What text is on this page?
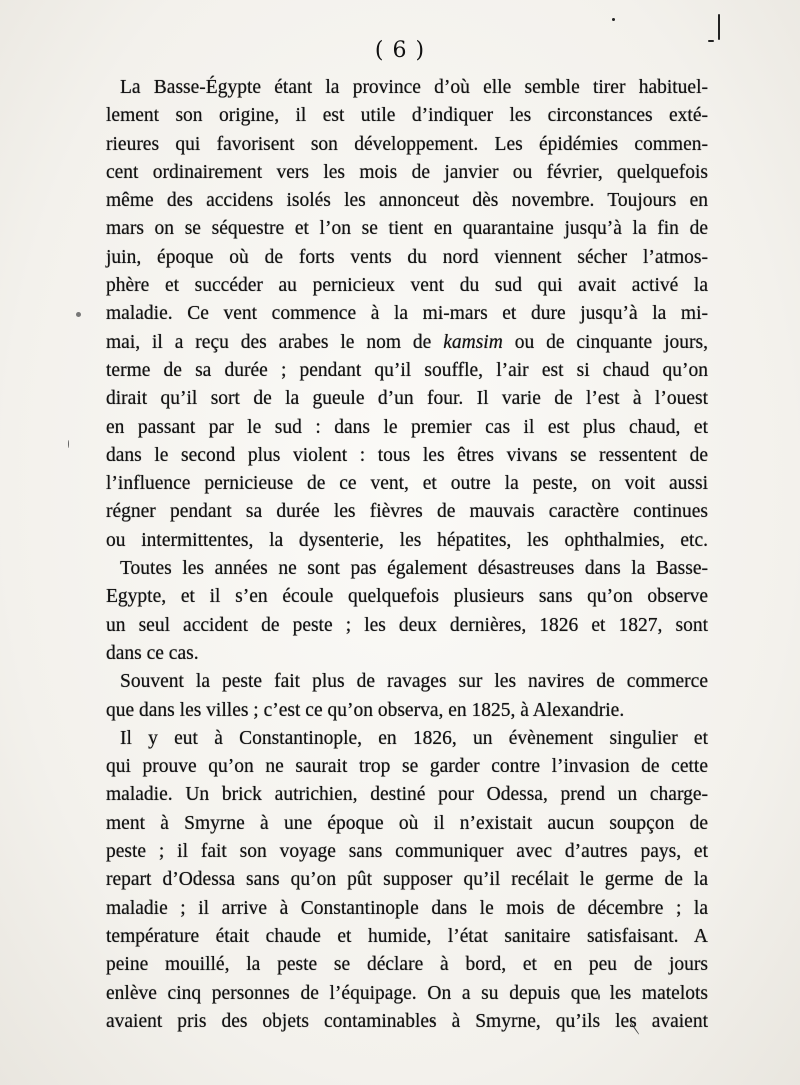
( 6 )
La Basse-Égypte étant la province d’où elle semble tirer habituel-
lement son origine, il est utile d’indiquer les circonstances exté-
rieures qui favorisent son développement. Les épidémies commen-
cent ordinairement vers les mois de janvier ou février, quelquefois
même des accidens isolés les annonceut dès novembre. Toujours en
mars on se séquestre et l’on se tient en quarantaine jusqu’à la fin de
juin, époque où de forts vents du nord viennent sécher l’atmos-
phère et succéder au pernicieux vent du sud qui avait activé la
maladie. Ce vent commence à la mi-mars et dure jusqu’à la mi-
mai, il a reçu des arabes le nom de kamsim ou de cinquante jours,
terme de sa durée ; pendant qu’il souffle, l’air est si chaud qu’on
dirait qu’il sort de la gueule d’un four. Il varie de l’est à l’ouest
en passant par le sud : dans le premier cas il est plus chaud, et
dans le second plus violent : tous les êtres vivans se ressentent de
l’influence pernicieuse de ce vent, et outre la peste, on voit aussi
régner pendant sa durée les fièvres de mauvais caractère continues
ou intermittentes, la dysenterie, les hépatites, les ophthalmies, etc.
Toutes les années ne sont pas également désastreuses dans la Basse-
Egypte, et il s’en écoule quelquefois plusieurs sans qu’on observe
un seul accident de peste ; les deux dernières, 1826 et 1827, sont
dans ce cas.
Souvent la peste fait plus de ravages sur les navires de commerce
que dans les villes ; c’est ce qu’on observa, en 1825, à Alexandrie.
Il y eut à Constantinople, en 1826, un évènement singulier et
qui prouve qu’on ne saurait trop se garder contre l’invasion de cette
maladie. Un brick autrichien, destiné pour Odessa, prend un charge-
ment à Smyrne à une époque où il n’existait aucun soupçon de
peste ; il fait son voyage sans communiquer avec d’autres pays, et
repart d’Odessa sans qu’on pût supposer qu’il recélait le germe de la
maladie ; il arrive à Constantinople dans le mois de décembre ; la
température était chaude et humide, l’état sanitaire satisfaisant. A
peine mouillé, la peste se déclare à bord, et en peu de jours
enlève cinq personnes de l’équipage. On a su depuis que les matelots
avaient pris des objets contaminables à Smyrne, qu’ils les avaient
